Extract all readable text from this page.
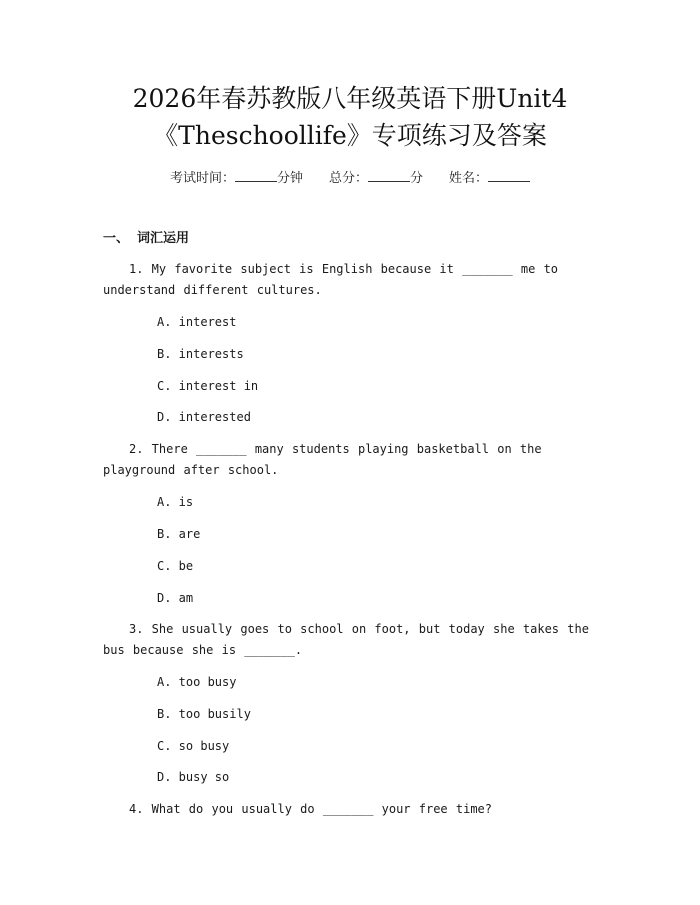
2026年春苏教版八年级英语下册Unit4
《Theschoollife》专项练习及答案
考试时间：	分钟 总分：	分 姓名：
一、 词汇运用
1. My favorite subject is English because it _______ me to understand different cultures.
A. interest
B. interests
C. interest in
D. interested
2. There _______ many students playing basketball on the playground after school.
A. is
B. are
C. be
D. am
3. She usually goes to school on foot, but today she takes the bus because she is _______.
A. too busy
B. too busily
C. so busy
D. busy so
4. What do you usually do _______ your free time?
